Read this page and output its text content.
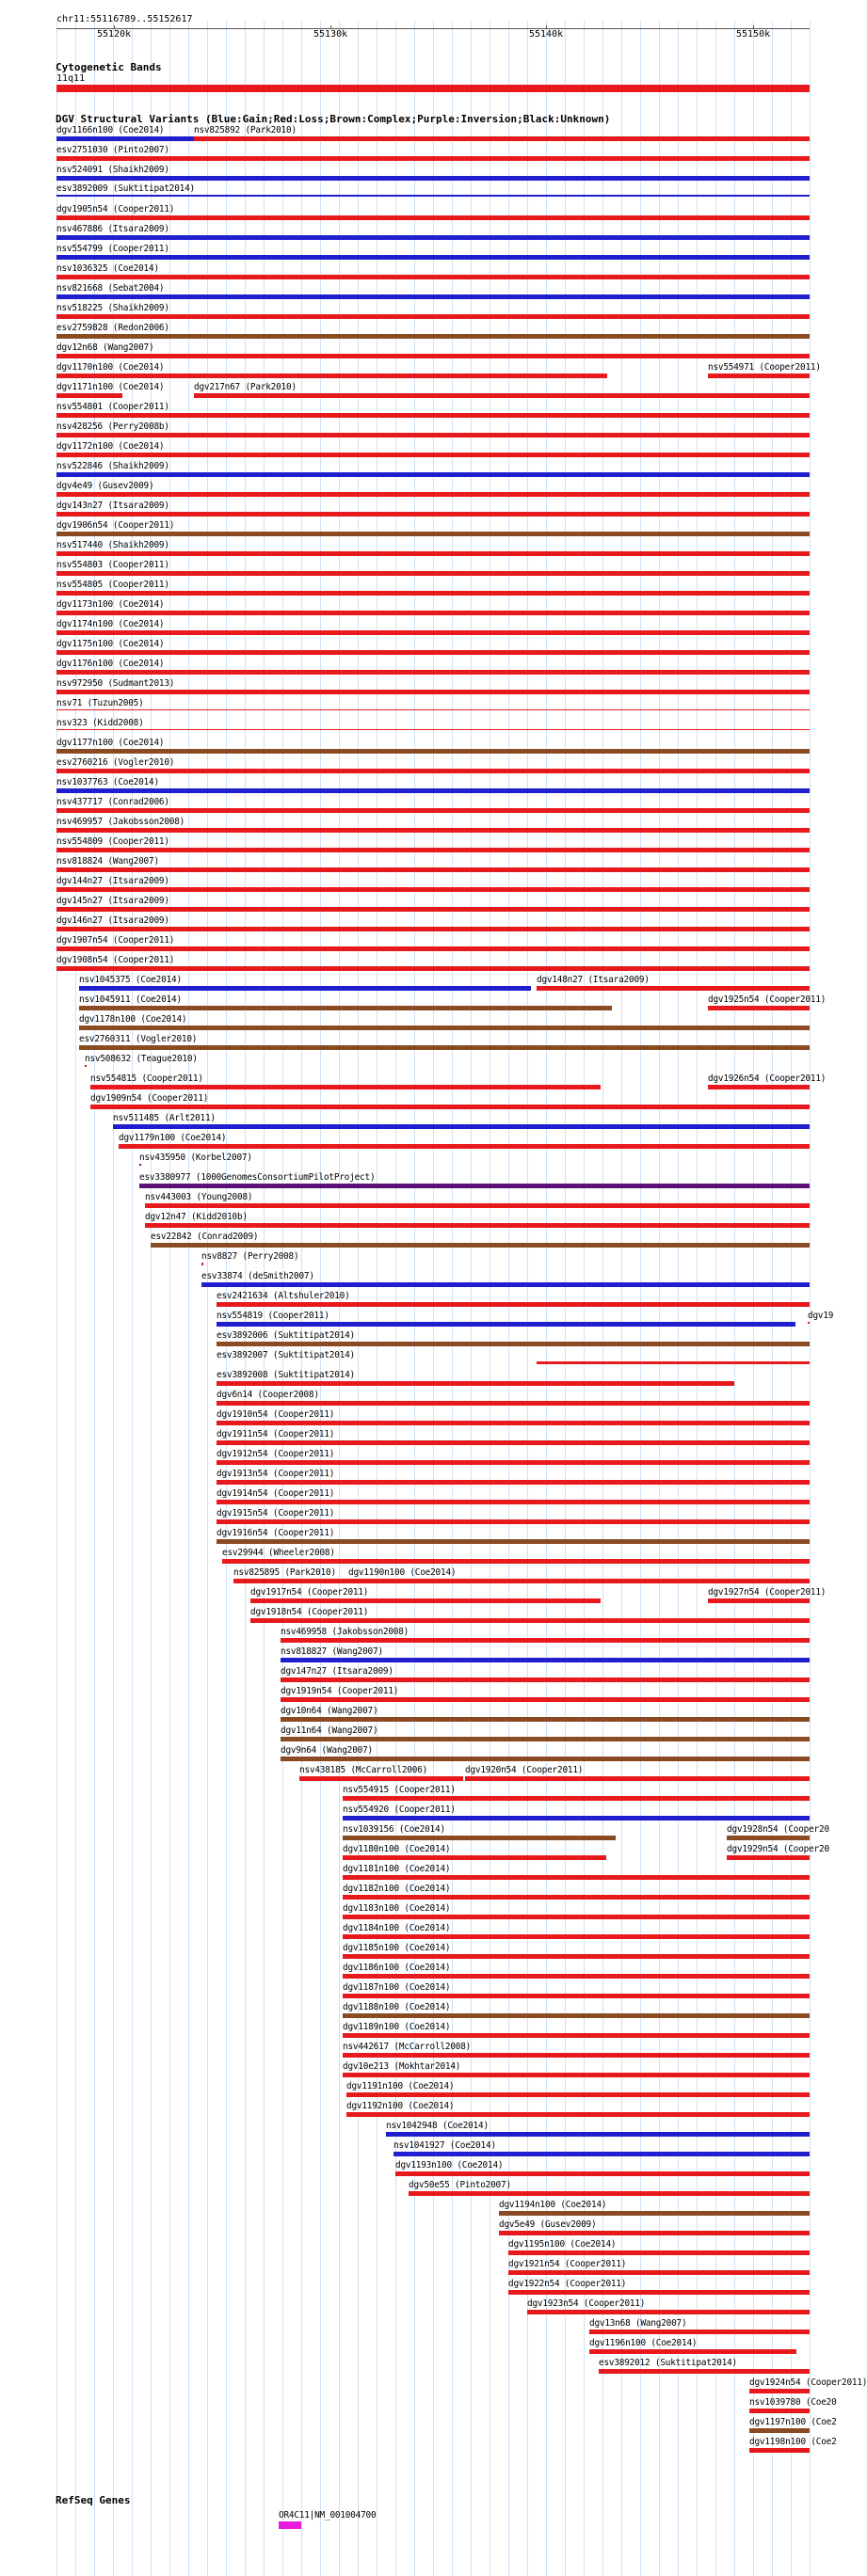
chr11:55116789..55152617
55120k	55130k	55140k	55150k
Cytogenetic Bands
11q11
DGV Structural Variants (Blue:Gain;Red:Loss;Brown:Complex;Purple:Inversion;Black:Unknown)
dgv1166n100 (Coe2014)	nsv825892 (Park2010)
esv2751030 (Pinto2007)
nsv524091 (Shaikh2009)
esv3892009 (Suktitipat2014)
dgv1905n54 (Cooper2011)
nsv467886 (Itsara2009)
nsv554799 (Cooper2011)
nsv1036325 (Coe2014)
nsv821668 (Sebat2004)
nsv518225 (Shaikh2009)
esv2759828 (Redon2006)
dgv12n68 (Wang2007)
dgv1170n100 (Coe2014)	nsv554971 (Cooper2011)
dgv1171n100 (Coe2014)	dgv217n67 (Park2010)
nsv554801 (Cooper2011)
nsv428256 (Perry2008b)
dgv1172n100 (Coe2014)
nsv522846 (Shaikh2009)
dgv4e49 (Gusev2009)
dgv143n27 (Itsara2009)
dgv1906n54 (Cooper2011)
nsv517440 (Shaikh2009)
nsv554803 (Cooper2011)
nsv554805 (Cooper2011)
dgv1173n100 (Coe2014)
dgv1174n100 (Coe2014)
dgv1175n100 (Coe2014)
dgv1176n100 (Coe2014)
nsv972950 (Sudmant2013)
nsv71 (Tuzun2005)
nsv323 (Kidd2008)
dgv1177n100 (Coe2014)
esv2760216 (Vogler2010)
nsv1037763 (Coe2014)
nsv437717 (Conrad2006)
nsv469957 (Jakobsson2008)
nsv554809 (Cooper2011)
nsv818824 (Wang2007)
dgv144n27 (Itsara2009)
dgv145n27 (Itsara2009)
dgv146n27 (Itsara2009)
dgv1907n54 (Cooper2011)
dgv1908n54 (Cooper2011)
nsv1045375 (Coe2014)	dgv148n27 (Itsara2009)
nsv1045911 (Coe2014)	dgv1925n54 (Cooper2011)
dgv1178n100 (Coe2014)
esv2760311 (Vogler2010)
nsv508632 (Teague2010)
nsv554815 (Cooper2011)	dgv1926n54 (Cooper2011)
dgv1909n54 (Cooper2011)
nsv511485 (Arlt2011)
dgv1179n100 (Coe2014)
nsv435950 (Korbel2007)
esv3380977 (1000GenomesConsortiumPilotProject)
nsv443003 (Young2008)
dgv12n47 (Kidd2010b)
esv22842 (Conrad2009)
nsv8827 (Perry2008)
esv33874 (deSmith2007)
esv2421634 (Altshuler2010)
nsv554819 (Cooper2011)	dgv19
esv3892006 (Suktitipat2014)
esv3892007 (Suktitipat2014)
esv3892008 (Suktitipat2014)
dgv6n14 (Cooper2008)
dgv1910n54 (Cooper2011)
dgv1911n54 (Cooper2011)
dgv1912n54 (Cooper2011)
dgv1913n54 (Cooper2011)
dgv1914n54 (Cooper2011)
dgv1915n54 (Cooper2011)
dgv1916n54 (Cooper2011)
esv29944 (Wheeler2008)
nsv825895 (Park2010) dgv1190n100 (Coe2014)
dgv1917n54 (Cooper2011)	dgv1927n54 (Cooper2011)
dgv1918n54 (Cooper2011)
nsv469958 (Jakobsson2008)
nsv818827 (Wang2007)
dgv147n27 (Itsara2009)
dgv1919n54 (Cooper2011)
dgv10n64 (Wang2007)
dgv11n64 (Wang2007)
dgv9n64 (Wang2007)
nsv438185 (McCarroll2006)	dgv1920n54 (Cooper2011)
nsv554915 (Cooper2011)
nsv554920 (Cooper2011)
nsv1039156 (Coe2014)	dgv1928n54 (Cooper20
dgv1180n100 (Coe2014)	dgv1929n54 (Cooper20
dgv1181n100 (Coe2014)
dgv1182n100 (Coe2014)
dgv1183n100 (Coe2014)
dgv1184n100 (Coe2014)
dgv1185n100 (Coe2014)
dgv1186n100 (Coe2014)
dgv1187n100 (Coe2014)
dgv1188n100 (Coe2014)
dgv1189n100 (Coe2014)
nsv442617 (McCarroll2008)
dgv10e213 (Mokhtar2014)
dgv1191n100 (Coe2014)
dgv1192n100 (Coe2014)
nsv1042948 (Coe2014)
nsv1041927 (Coe2014)
dgv1193n100 (Coe2014)
dgv50e55 (Pinto2007)
dgv1194n100 (Coe2014)
dgv5e49 (Gusev2009)
dgv1195n100 (Coe2014)
dgv1921n54 (Cooper2011)
dgv1922n54 (Cooper2011)
dgv1923n54 (Cooper2011)
dgv13n68 (Wang2007)
dgv1196n100 (Coe2014)
esv3892012 (Suktitipat2014)
dgv1924n54 (Cooper2011)
nsv1039780 (Coe20
dgv1197n100 (Coe2
dgv1198n100 (Coe2
RefSeq Genes
OR4C11|NM_001004700
